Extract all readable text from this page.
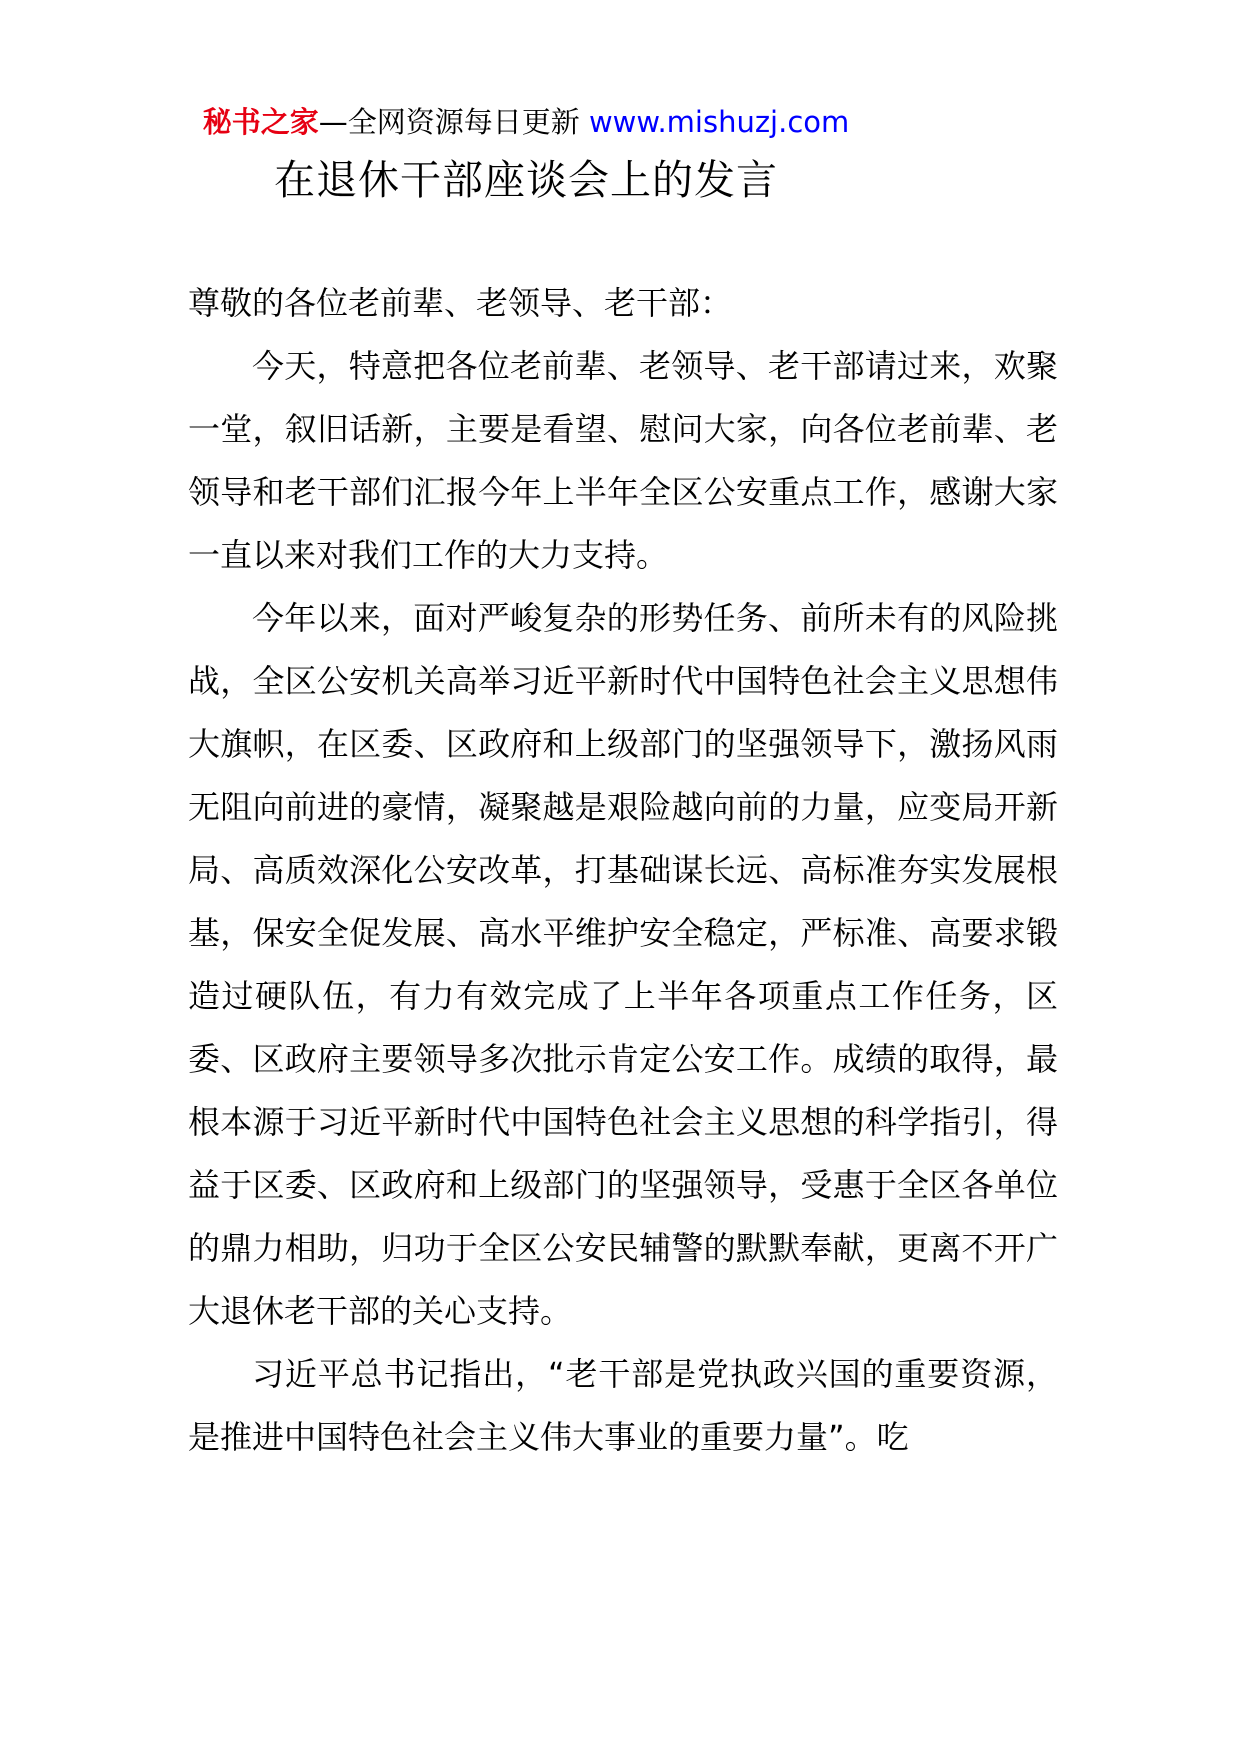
秘书之家—全网资源每日更新 www.mishuzj.com
在退休干部座谈会上的发言

尊敬的各位老前辈、老领导、老干部：

今天，特意把各位老前辈、老领导、老干部请过来，欢聚一堂，叙旧话新，主要是看望、慰问大家，向各位老前辈、老领导和老干部们汇报今年上半年全区公安重点工作，感谢大家一直以来对我们工作的大力支持。

今年以来，面对严峻复杂的形势任务、前所未有的风险挑战，全区公安机关高举习近平新时代中国特色社会主义思想伟大旗帜，在区委、区政府和上级部门的坚强领导下，激扬风雨无阻向前进的豪情，凝聚越是艰险越向前的力量，应变局开新局、高质效深化公安改革，打基础谋长远、高标准夯实发展根基，保安全促发展、高水平维护安全稳定，严标准、高要求锻造过硬队伍，有力有效完成了上半年各项重点工作任务，区委、区政府主要领导多次批示肯定公安工作。成绩的取得，最根本源于习近平新时代中国特色社会主义思想的科学指引，得益于区委、区政府和上级部门的坚强领导，受惠于全区各单位的鼎力相助，归功于全区公安民辅警的默默奉献，更离不开广大退休老干部的关心支持。

习近平总书记指出，“老干部是党执政兴国的重要资源，是推进中国特色社会主义伟大事业的重要力量”。吃
